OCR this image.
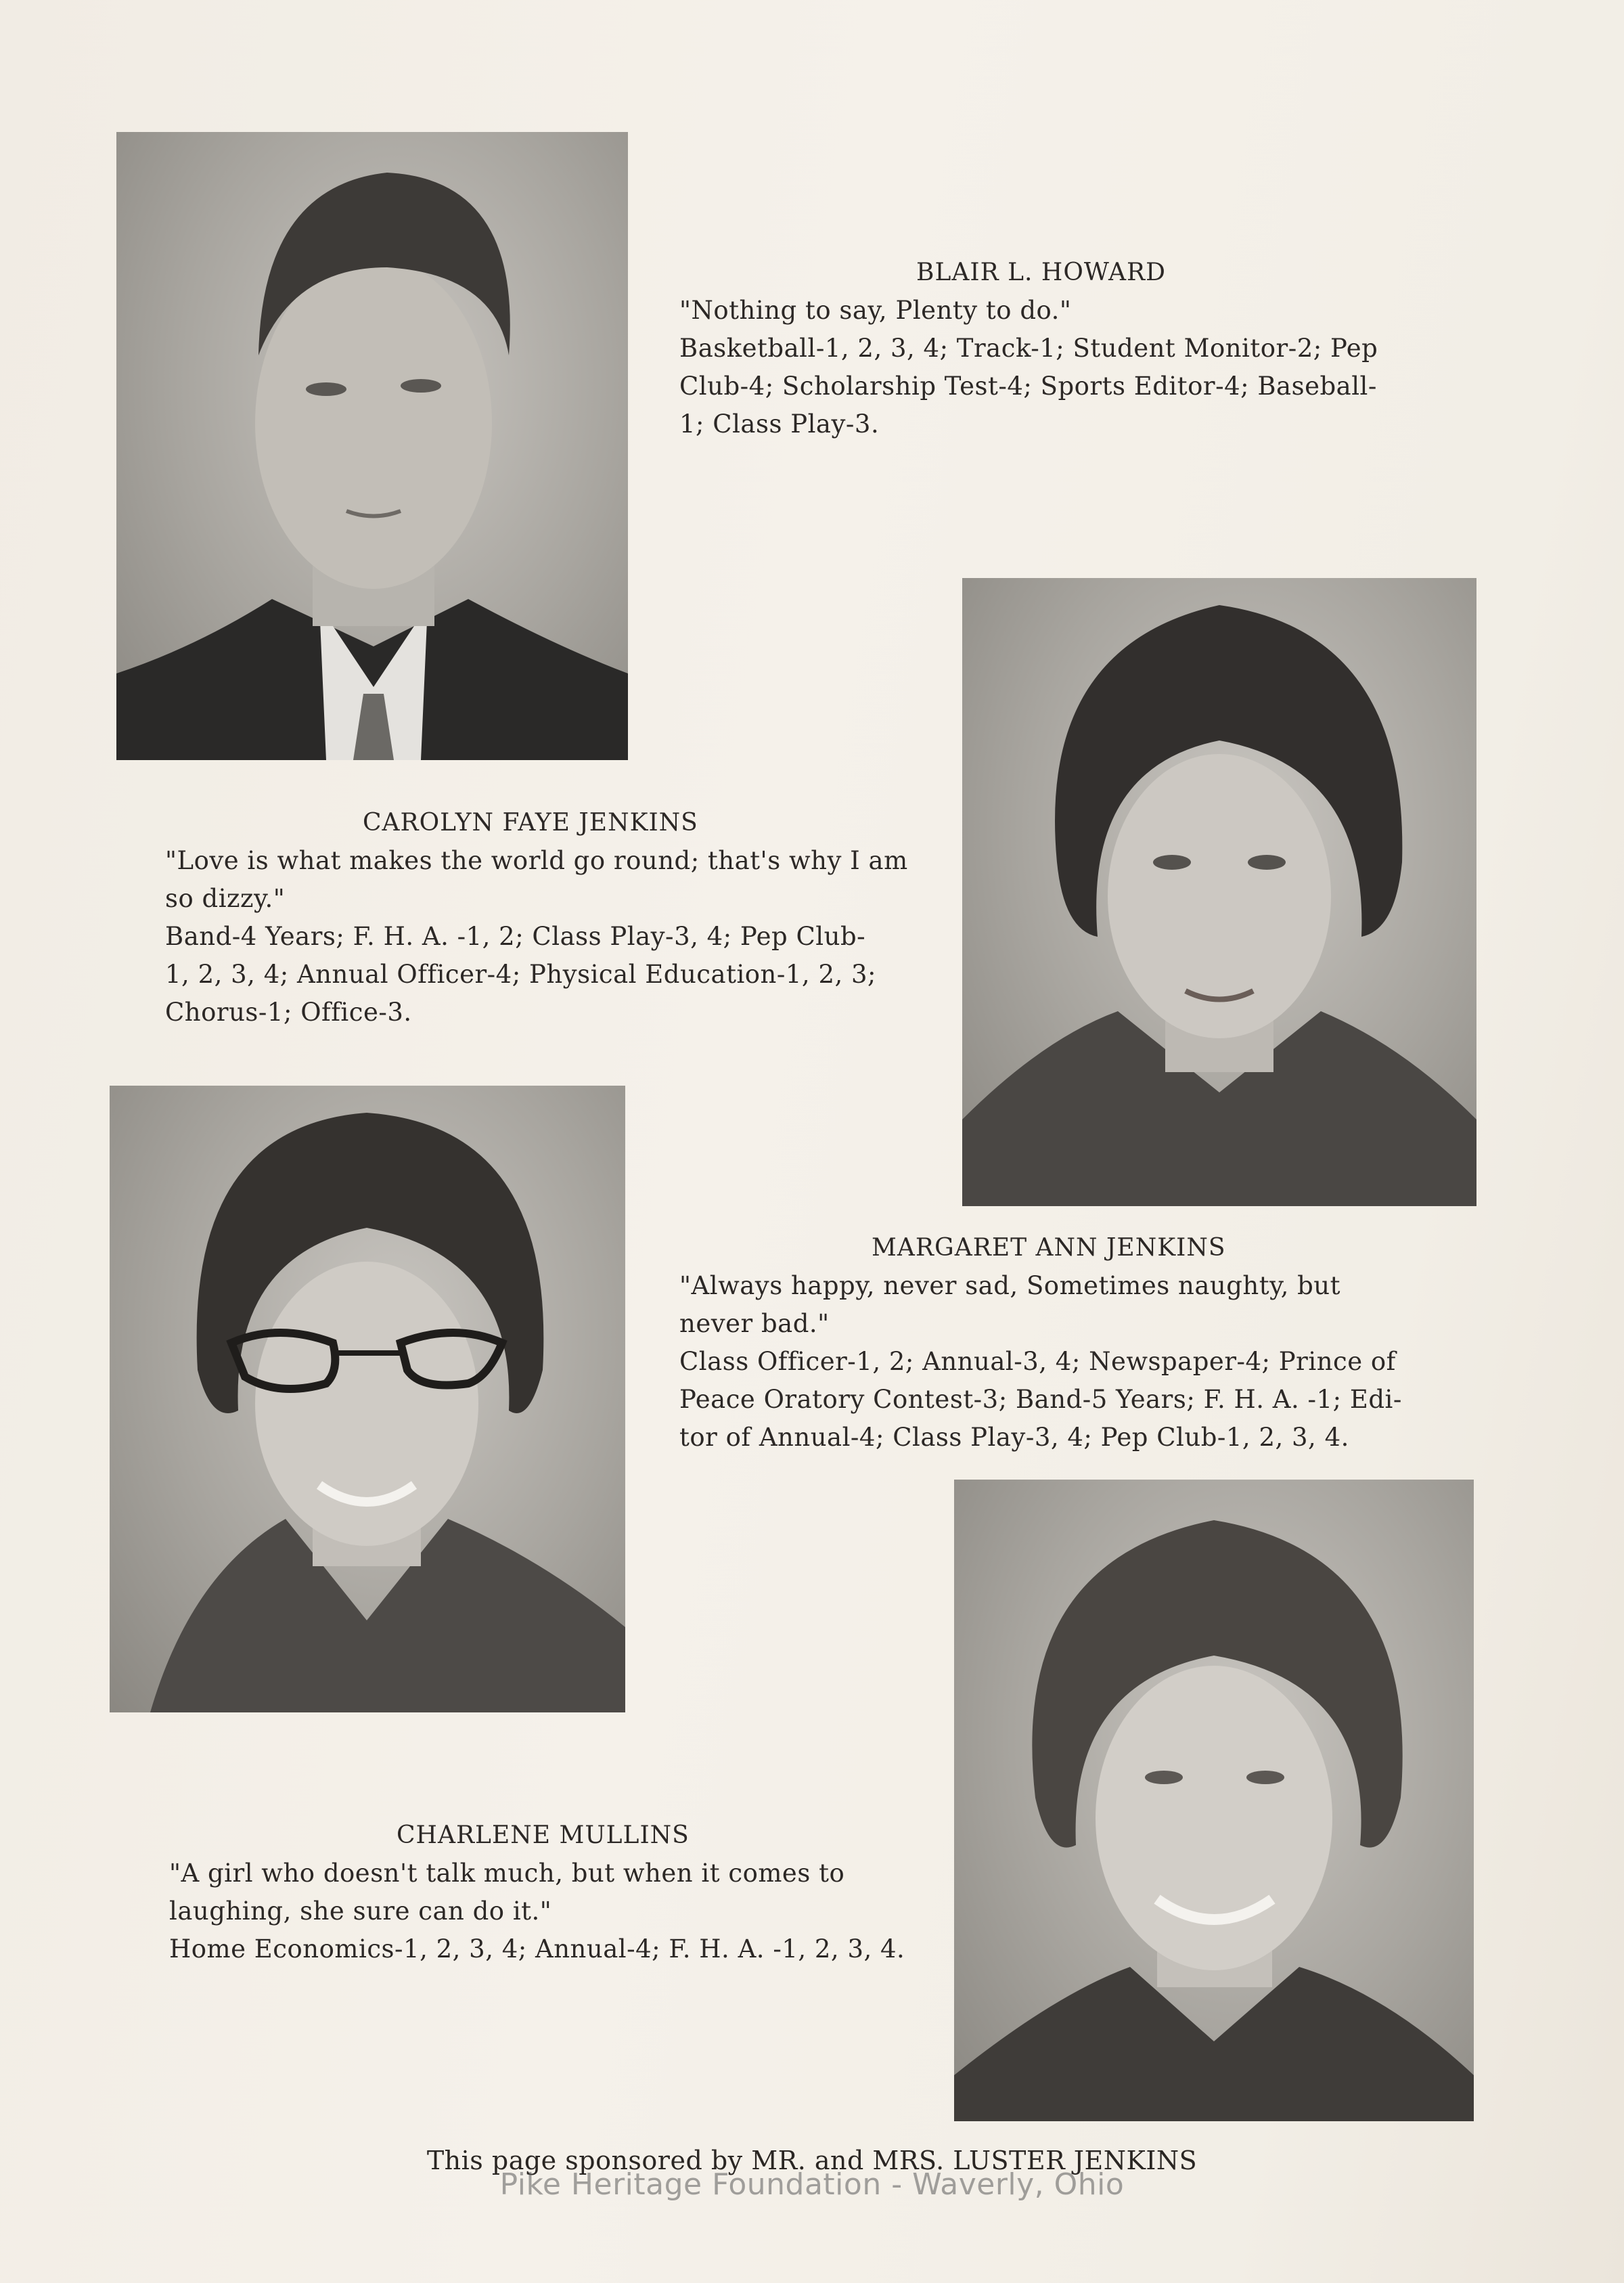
BLAIR L. HOWARD

"Nothing to say, Plenty to do."

Basketball-1, 2, 3, 4; Track-1; Student Monitor-2; Pep

Club-4; Scholarship Test-4; Sports Editor-4; Baseball-

1; Class Play-3.

CAROLYN FAYE JENKINS

"Love is what makes the world go round; that's why I am

so dizzy."

Band-4 Years; F. H. A. -1, 2; Class Play-3, 4; Pep Club-

1, 2, 3, 4; Annual Officer-4; Physical Education-1, 2, 3;

Chorus-1; Office-3.

MARGARET ANN JENKINS

"Always happy, never sad, Sometimes naughty, but

never bad."

Class Officer-1, 2; Annual-3, 4; Newspaper-4; Prince of

Peace Oratory Contest-3; Band-5 Years; F. H. A. -1; Edi-

tor of Annual-4; Class Play-3, 4; Pep Club-1, 2, 3, 4.

CHARLENE MULLINS

"A girl who doesn't talk much, but when it comes to

laughing, she sure can do it."

Home Economics-1, 2, 3, 4; Annual-4; F. H. A. -1, 2, 3, 4.

This page sponsored by MR. and MRS. LUSTER JENKINS
Pike Heritage Foundation - Waverly, Ohio
